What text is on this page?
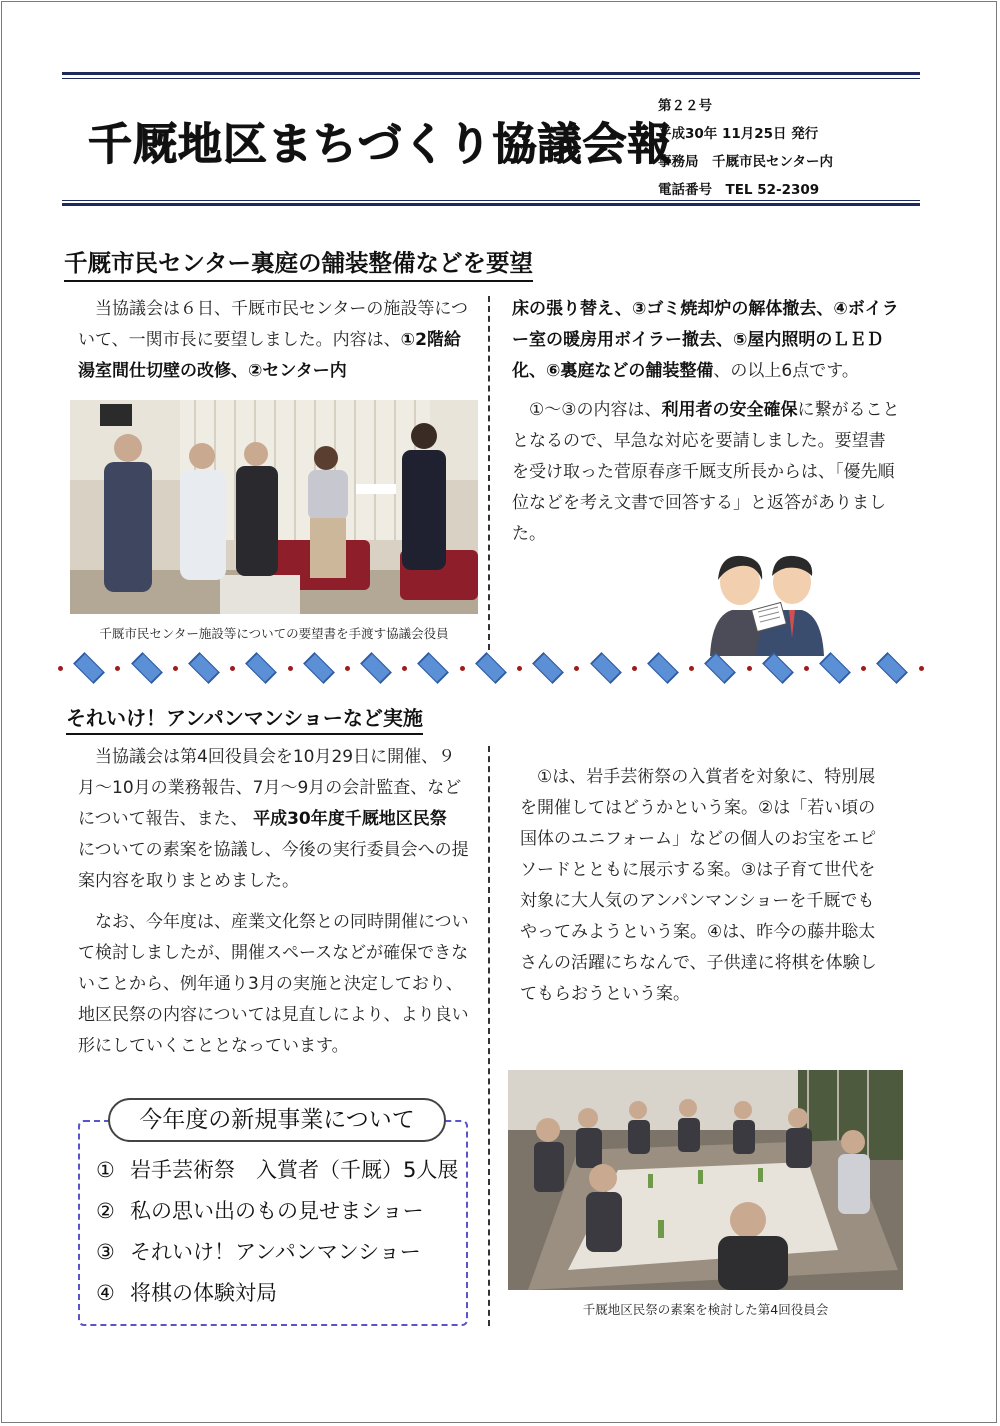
千厩地区まちづくり協議会報
第２２号
平成30年 11月25日 発行
事務局　千厩市民センター内
電話番号　TEL 52-2309
千厩市民センター裏庭の舗装整備などを要望

当協議会は６日、千厩市民センターの施設等について、一関市長に要望しました。内容は、①2階給湯室間仕切壁の改修、②センター内

床の張り替え、③ゴミ焼却炉の解体撤去、④ボイラー室の暖房用ボイラー撤去、⑤屋内照明のＬＥＤ化、⑥裏庭などの舗装整備、の以上6点です。

①～③の内容は、利用者の安全確保に繋がることとなるので、早急な対応を要請しました。要望書を受け取った菅原春彦千厩支所長からは、「優先順位などを考え文書で回答する」と返答がありました。

千厩市民センター施設等についての要望書を手渡す協議会役員
それいけ！アンパンマンショーなど実施

当協議会は第4回役員会を10月29日に開催、９月～10月の業務報告、7月～9月の会計監査、などについて報告、また、 平成30年度千厩地区民祭　についての素案を協議し、今後の実行委員会への提案内容を取りまとめました。

なお、今年度は、産業文化祭との同時開催について検討しましたが、開催スペースなどが確保できないことから、例年通り3月の実施と決定しており、地区民祭の内容については見直しにより、より良い形にしていくこととなっています。

①は、岩手芸術祭の入賞者を対象に、特別展を開催してはどうかという案。②は「若い頃の国体のユニフォーム」などの個人のお宝をエピソードとともに展示する案。③は子育て世代を対象に大人気のアンパンマンショーを千厩でもやってみようという案。④は、昨今の藤井聡太さんの活躍にちなんで、子供達に将棋を体験してもらおうという案。

千厩地区民祭の素案を検討した第4回役員会
今年度の新規事業について
① 岩手芸術祭　入賞者（千厩）5人展
② 私の思い出のもの見せまショー
③ それいけ！アンパンマンショー
④ 将棋の体験対局
